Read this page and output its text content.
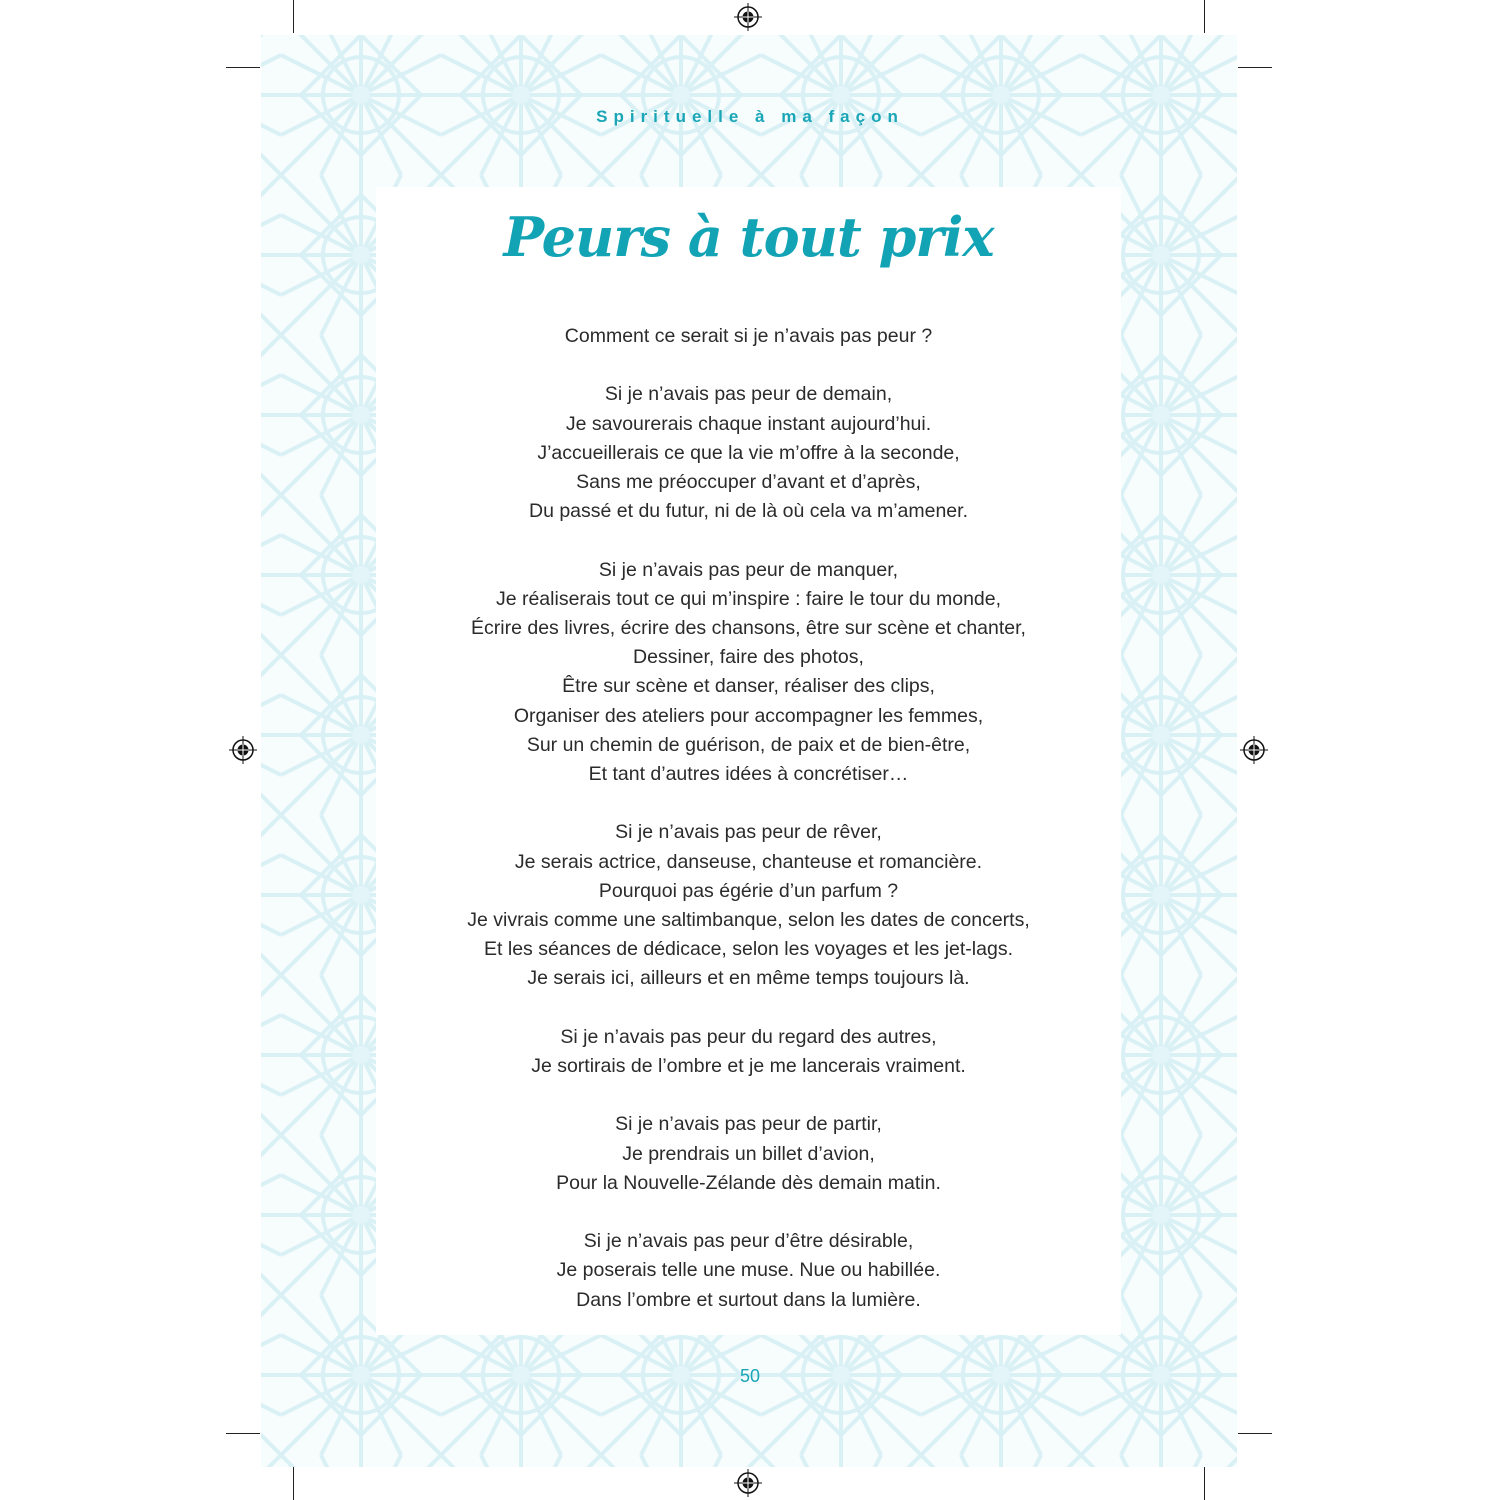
Spirituelle à ma façon

Peurs à tout prix

Comment ce serait si je n’avais pas peur ?

Si je n’avais pas peur de demain,
Je savourerais chaque instant aujourd’hui.
J’accueillerais ce que la vie m’offre à la seconde,
Sans me préoccuper d’avant et d’après,
Du passé et du futur, ni de là où cela va m’amener.

Si je n’avais pas peur de manquer,
Je réaliserais tout ce qui m’inspire : faire le tour du monde,
Écrire des livres, écrire des chansons, être sur scène et chanter,
Dessiner, faire des photos,
Être sur scène et danser, réaliser des clips,
Organiser des ateliers pour accompagner les femmes,
Sur un chemin de guérison, de paix et de bien-être,
Et tant d’autres idées à concrétiser…

Si je n’avais pas peur de rêver,
Je serais actrice, danseuse, chanteuse et romancière.
Pourquoi pas égérie d’un parfum ?
Je vivrais comme une saltimbanque, selon les dates de concerts,
Et les séances de dédicace, selon les voyages et les jet-lags.
Je serais ici, ailleurs et en même temps toujours là.

Si je n’avais pas peur du regard des autres,
Je sortirais de l’ombre et je me lancerais vraiment.

Si je n’avais pas peur de partir,
Je prendrais un billet d’avion,
Pour la Nouvelle-Zélande dès demain matin.

Si je n’avais pas peur d’être désirable,
Je poserais telle une muse. Nue ou habillée.
Dans l’ombre et surtout dans la lumière.

50
